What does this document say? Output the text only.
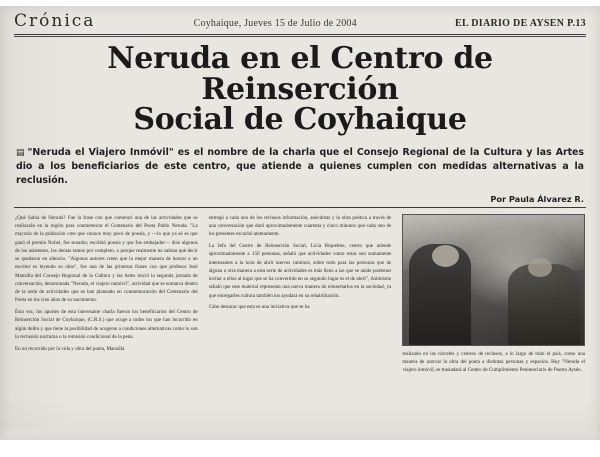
Crónica	Coyhaique, Jueves 15 de Julio de 2004	EL DIARIO DE AYSEN P.13
Neruda en el Centro de Reinserción
Social de Coyhaique
▤ "Neruda el Viajero Inmóvil" es el nombre de la charla que el Consejo Regional de la Cultura y las Artes dio a los beneficiarios de este centro, que atiende a quienes cumplen con medidas alternativas a la reclusión.
Por Paula Álvarez R.

¿Qué Sabía de Neruda? Fue la frase con que comenzó una de las actividades que se realizarán en la región para conmemorar el Centenario del Poeta Pablo Neruda. "La mayoría de la población cree que conoce muy poco de poesía, y —lo que ya sé es que ganó el premio Nobel, fue senador, escribió poesía y que fue embajador— dice algunos de los asistentes, los demás tantos por completo, o porque realmente no sabían qué decir se quedaron en silencio. "Algunos autores creen que la mejor manera de honrar a un escritor es leyendo su obra", fue una de las primeras frases con que profesor José Mansilla del Consejo Regional de la Cultura y las Artes inició la segunda jornada de conversación, denominada "Neruda, el viajero inmóvil", actividad que se enmarca dentro de la serie de actividades que se han planeado en conmemoración del Centenario del Poeta en los cien años de su nacimiento.

Ésta vez, los aportes de esta interesante charla fueron los beneficiarios del Centro de Reinserción Social de Coyhaique, (C.R.S.) que acoge a todos los que han incurrido en algún delito y que tiene la posibilidad de acogerse a condiciones alternativas como lo son la reclusión nocturna o la remisión condicional de la pena.

En un recorrido por la vida y obra del poeta, Mansilla

entregó a cada uno de los reclusos información, anécdotas y la obra poética a través de una conversación que duró aproximadamente cuarenta y cinco minutos que cada uno de los presentes escuchó atentamente.

La Jefa del Centro de Reinserción Social, Licia Riquelme, centro que atiende aproximadamente a 150 personas, señaló que actividades como estas son sumamente interesantes a la hora de abrir nuevos caminos, sobre todo para las personas que de alguna u otra manera a esta serie de actividades es más lleno a las que se anide podemos invitar a ellos al lugar que se ha convertido en su segundo lugar es el de abrir", Asimismo señaló que este material representa una nueva manera de reinsertarlos en la sociedad, ya que entregarles cultura también los ayudará en su rehabilitación.

Cabe destacar que esta es una iniciativa que se ha

realizado en las cárceles y centros de reclusos, a lo largo de todo el país, como una manera de acercar la obra del poeta a distintas personas y espacios. Hoy "Neruda el viajero inmóvil, se trasladará al Centro de Cumplimiento Penitenciario de Puerto Aysén.
